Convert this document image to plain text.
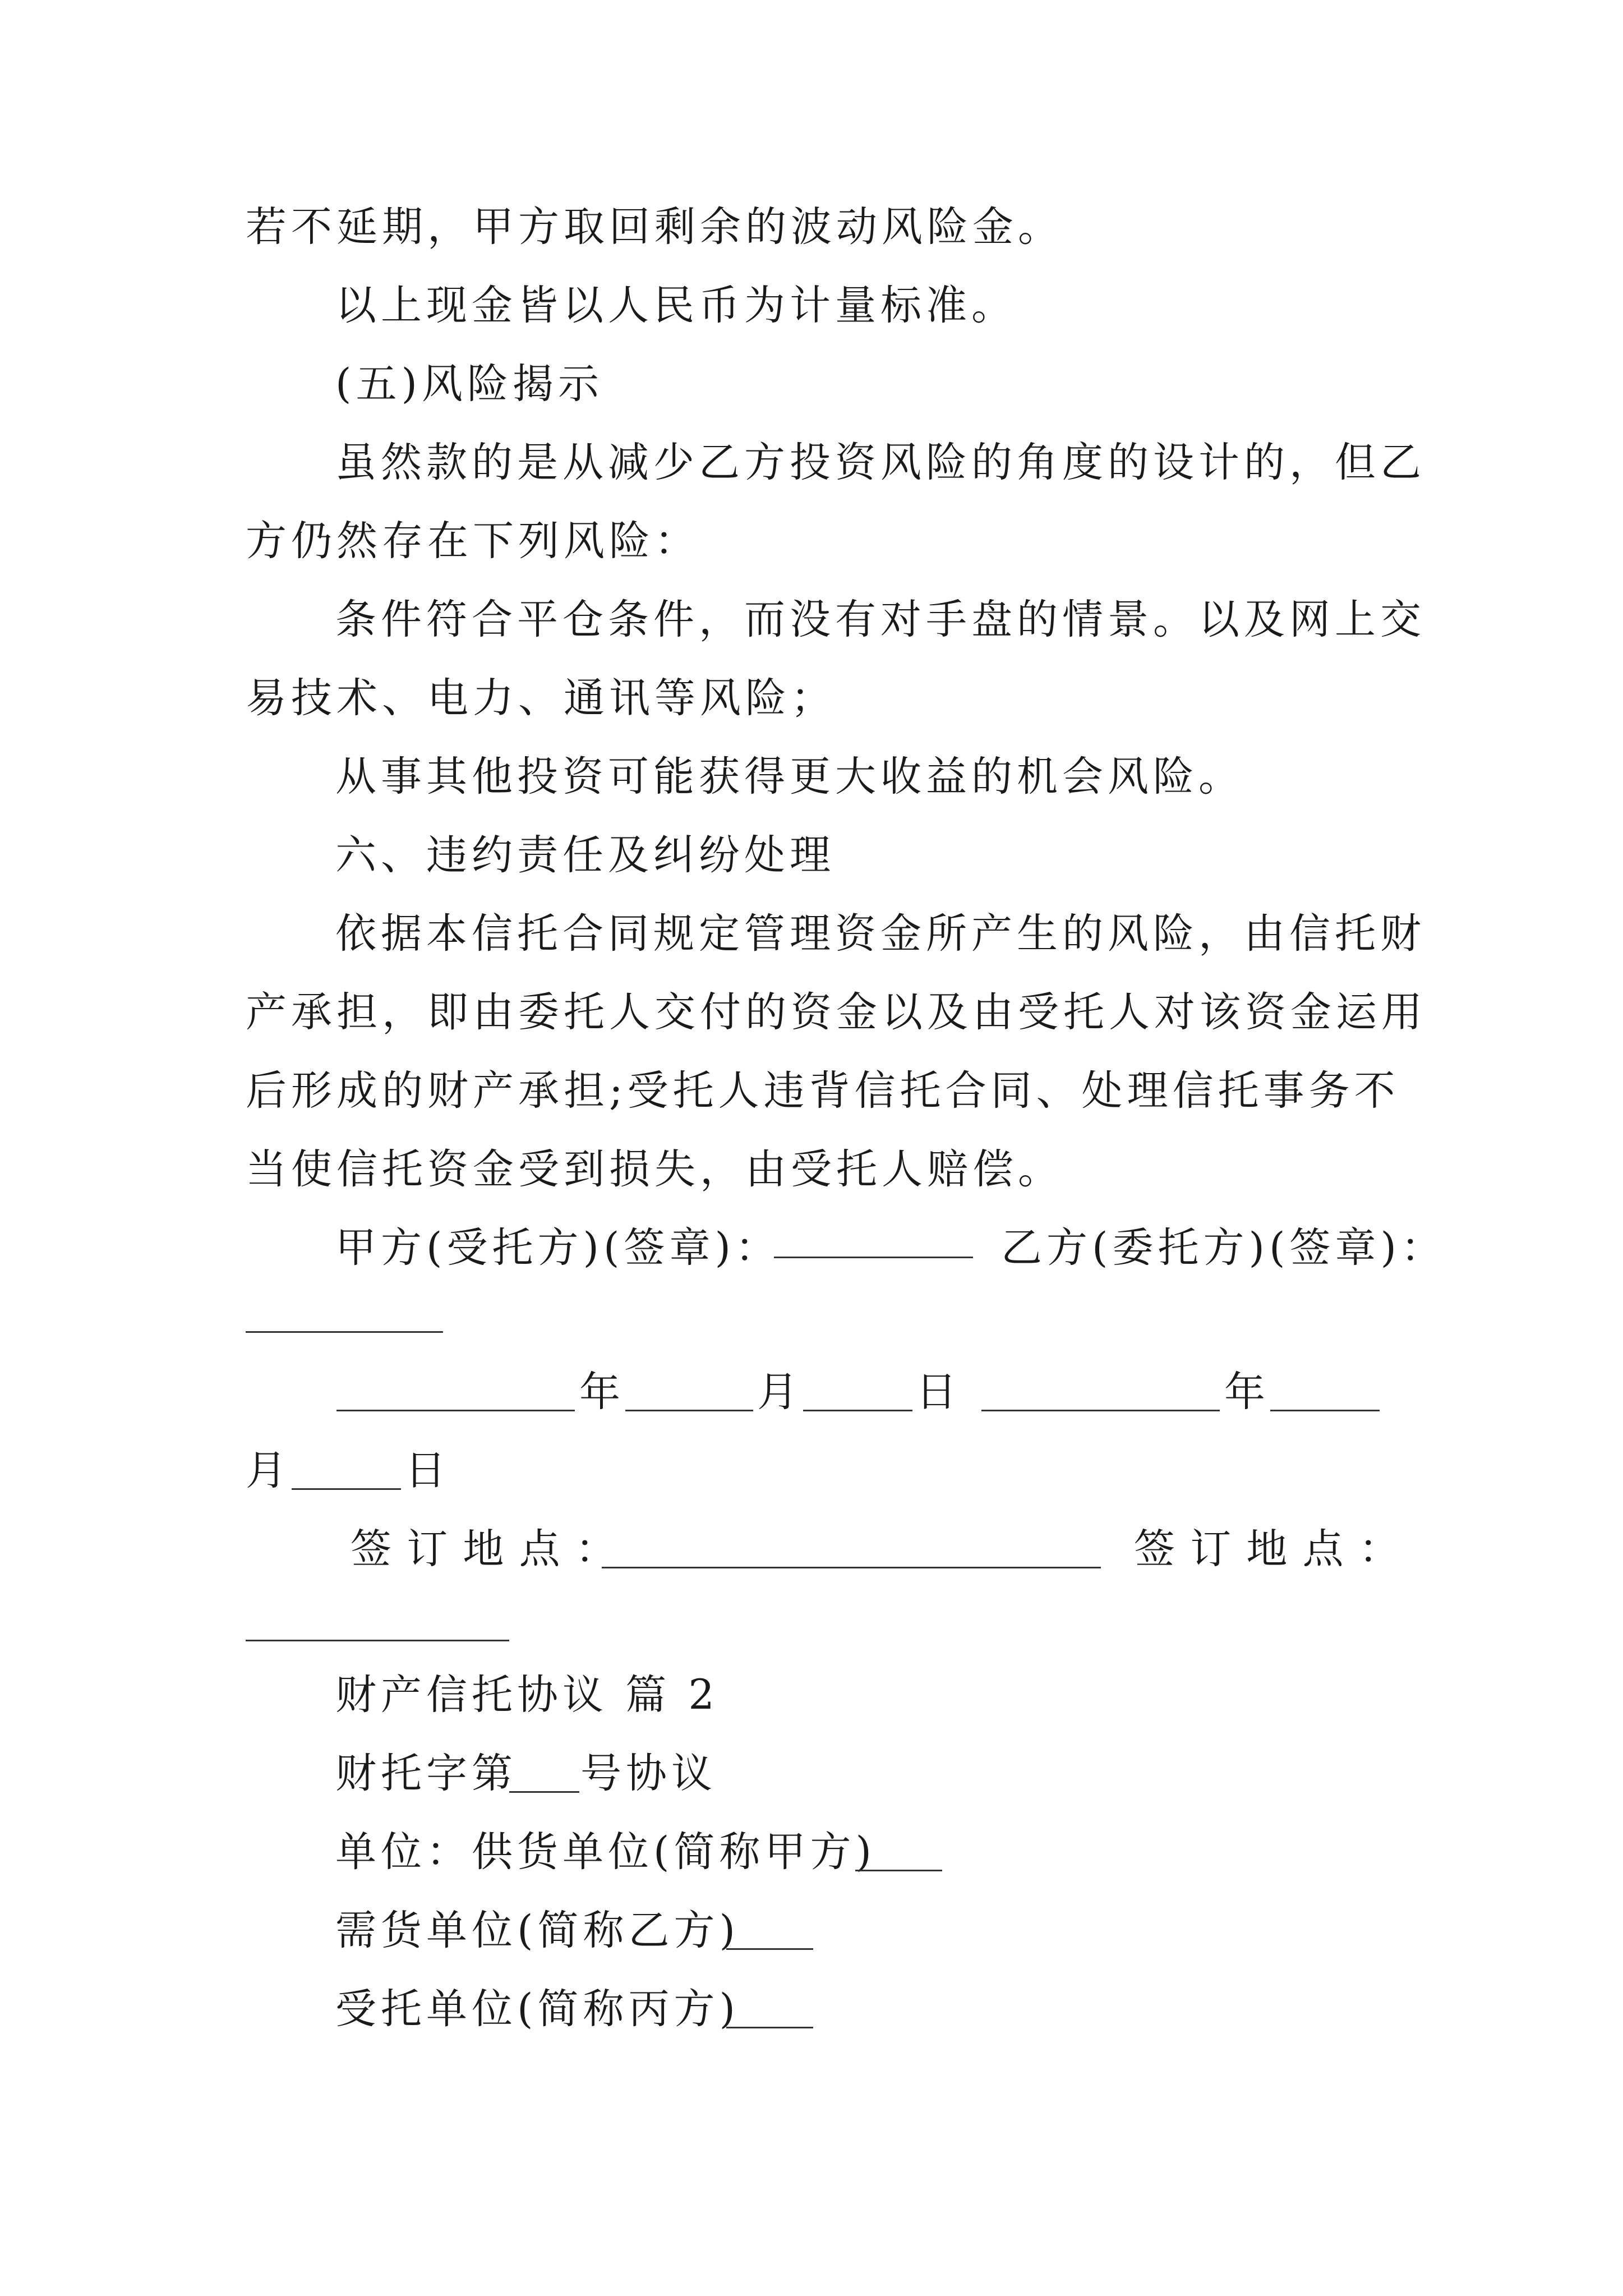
若不延期，甲方取回剩余的波动风险金。
以上现金皆以人民币为计量标准。
(五)风险揭示
虽然款的是从减少乙方投资风险的角度的设计的，但乙
方仍然存在下列风险：
条件符合平仓条件，而没有对手盘的情景。以及网上交
易技术、电力、通讯等风险；
从事其他投资可能获得更大收益的机会风险。
六、违约责任及纠纷处理
依据本信托合同规定管理资金所产生的风险，由信托财
产承担，即由委托人交付的资金以及由受托人对该资金运用
后形成的财产承担;受托人违背信托合同、处理信托事务不
当使信托资金受到损失，由受托人赔偿。
甲方(受托方)(签章)：	乙方(委托方)(签章)：
年	月	日	年
月	日
签 订 地 点 ：	签 订 地 点 ：
财产信托协议 篇 2
财托字第 号协议
单位：供货单位(简称甲方)
需货单位(简称乙方)
受托单位(简称丙方)
